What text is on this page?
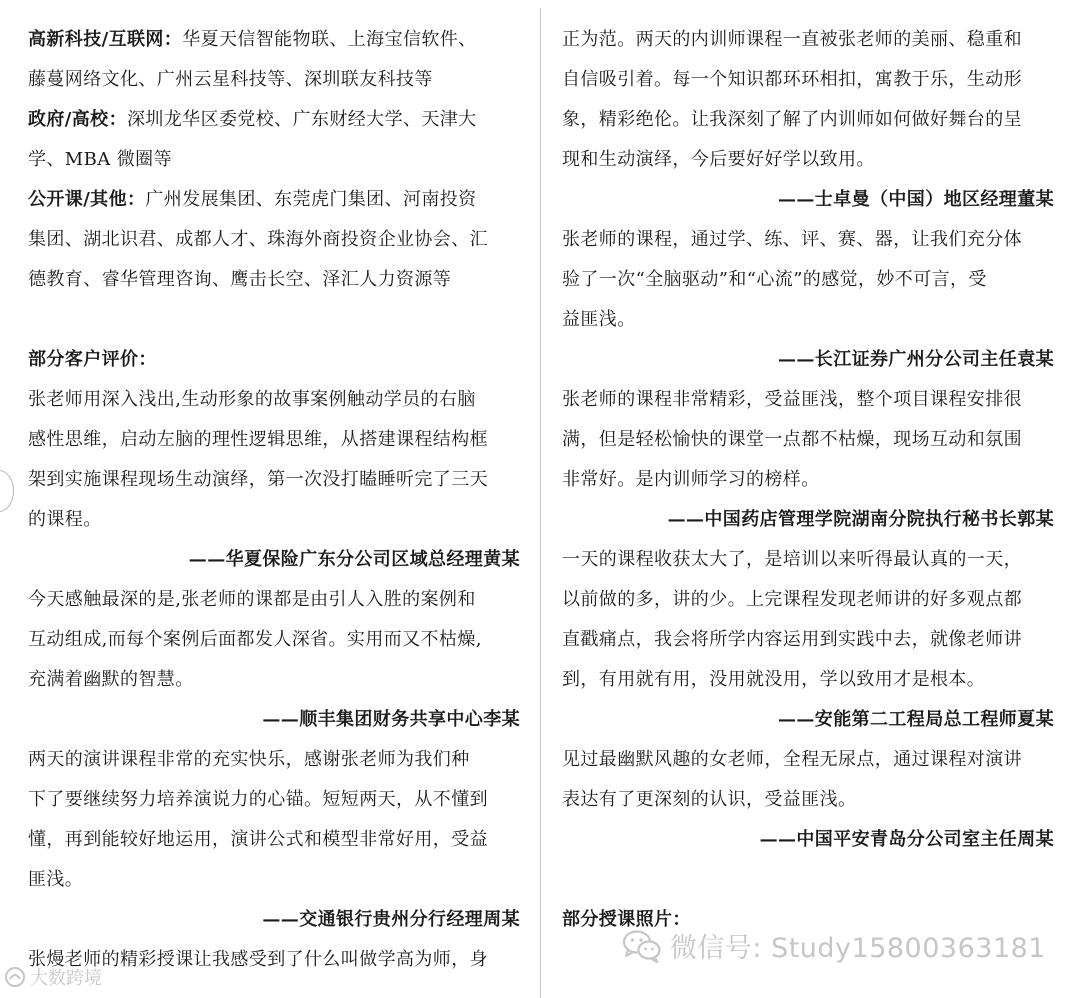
高新科技/互联网：华夏天信智能物联、上海宝信软件、

藤蔓网络文化、广州云星科技等、深圳联友科技等

政府/高校：深圳龙华区委党校、广东财经大学、天津大

学、MBA 微圈等

公开课/其他：广州发展集团、东莞虎门集团、河南投资

集团、湖北识君、成都人才、珠海外商投资企业协会、汇

德教育、睿华管理咨询、鹰击长空、泽汇人力资源等

部分客户评价：

张老师用深入浅出,生动形象的故事案例触动学员的右脑

感性思维，启动左脑的理性逻辑思维，从搭建课程结构框

架到实施课程现场生动演绎，第一次没打瞌睡听完了三天

的课程。

——华夏保险广东分公司区域总经理黄某

今天感触最深的是,张老师的课都是由引人入胜的案例和

互动组成,而每个案例后面都发人深省。实用而又不枯燥,

充满着幽默的智慧。

——顺丰集团财务共享中心李某

两天的演讲课程非常的充实快乐，感谢张老师为我们种

下了要继续努力培养演说力的心锚。短短两天，从不懂到

懂，再到能较好地运用，演讲公式和模型非常好用，受益

匪浅。

——交通银行贵州分行经理周某

张熳老师的精彩授课让我感受到了什么叫做学高为师，身

正为范。两天的内训师课程一直被张老师的美丽、稳重和

自信吸引着。每一个知识都环环相扣，寓教于乐，生动形

象，精彩绝伦。让我深刻了解了内训师如何做好舞台的呈

现和生动演绎，今后要好好学以致用。

——士卓曼（中国）地区经理董某

张老师的课程，通过学、练、评、赛、器，让我们充分体

验了一次“全脑驱动”和“心流”的感觉，妙不可言，受

益匪浅。

——长江证券广州分公司主任袁某

张老师的课程非常精彩，受益匪浅，整个项目课程安排很

满，但是轻松愉快的课堂一点都不枯燥，现场互动和氛围

非常好。是内训师学习的榜样。

——中国药店管理学院湖南分院执行秘书长郭某

一天的课程收获太大了，是培训以来听得最认真的一天，

以前做的多，讲的少。上完课程发现老师讲的好多观点都

直戳痛点，我会将所学内容运用到实践中去，就像老师讲

到，有用就有用，没用就没用，学以致用才是根本。

——安能第二工程局总工程师夏某

见过最幽默风趣的女老师，全程无尿点，通过课程对演讲

表达有了更深刻的认识，受益匪浅。

——中国平安青岛分公司室主任周某

部分授课照片：

微信号: Study15800363181
大数跨境
